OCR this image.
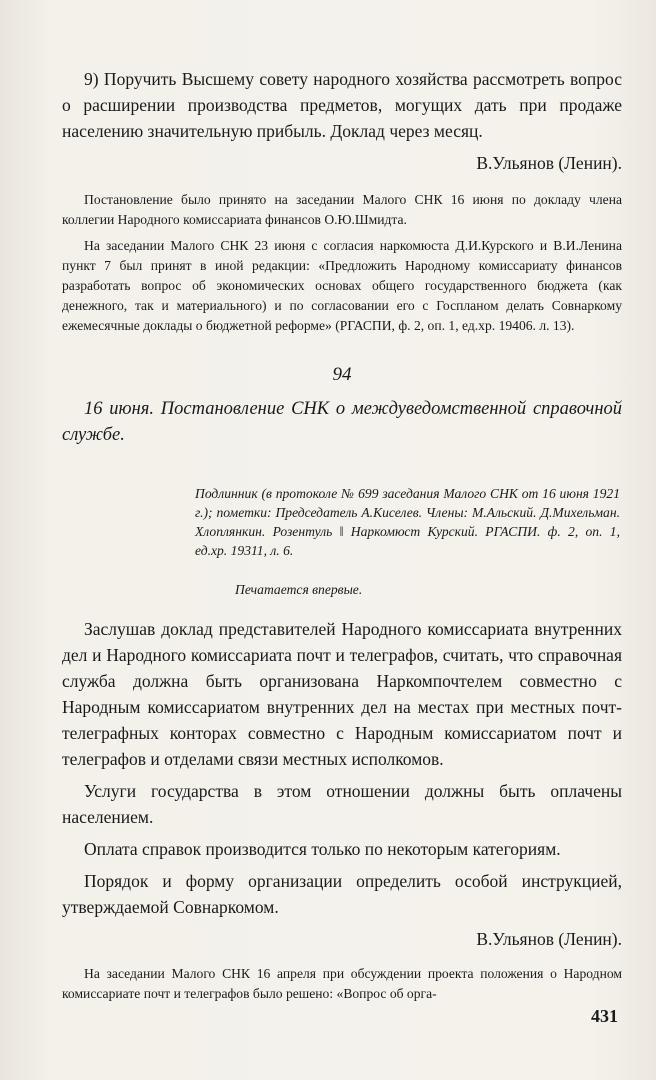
9) Поручить Высшему совету народного хозяйства рассмотреть вопрос о расширении производства предметов, могущих дать при продаже населению значительную прибыль. Доклад через месяц.

В.Ульянов (Ленин).

Постановление было принято на заседании Малого СНК 16 июня по докладу члена коллегии Народного комиссариата финансов О.Ю.Шмидта.

На заседании Малого СНК 23 июня с согласия наркомюста Д.И.Курского и В.И.Ленина пункт 7 был принят в иной редакции: «Предложить Народному комиссариату финансов разработать вопрос об экономических основах общего государственного бюджета (как денежного, так и материального) и по согласовании его с Госпланом делать Совнаркому ежемесячные доклады о бюджетной реформе» (РГАСПИ, ф. 2, оп. 1, ед.хр. 19406. л. 13).

94

16 июня. Постановление СНК о междуведомственной справочной службе.

Подлинник (в протоколе № 699 заседания Малого СНК от 16 июня 1921 г.); пометки: Председатель А.Киселев. Члены: М.Альский. Д.Михельман. Хлоплянкин. Розентуль ‖ Наркомюст Курский. РГАСПИ. ф. 2, оп. 1, ед.хр. 19311, л. 6.

Печатается впервые.

Заслушав доклад представителей Народного комиссариата внутренних дел и Народного комиссариата почт и телеграфов, считать, что справочная служба должна быть организована Наркомпочтелем совместно с Народным комиссариатом внутренних дел на местах при местных почт-телеграфных конторах совместно с Народным комиссариатом почт и телеграфов и отделами связи местных исполкомов.

Услуги государства в этом отношении должны быть оплачены населением.

Оплата справок производится только по некоторым категориям.

Порядок и форму организации определить особой инструкцией, утверждаемой Совнаркомом.

В.Ульянов (Ленин).

На заседании Малого СНК 16 апреля при обсуждении проекта положения о Народном комиссариате почт и телеграфов было решено: «Вопрос об орга-

431
